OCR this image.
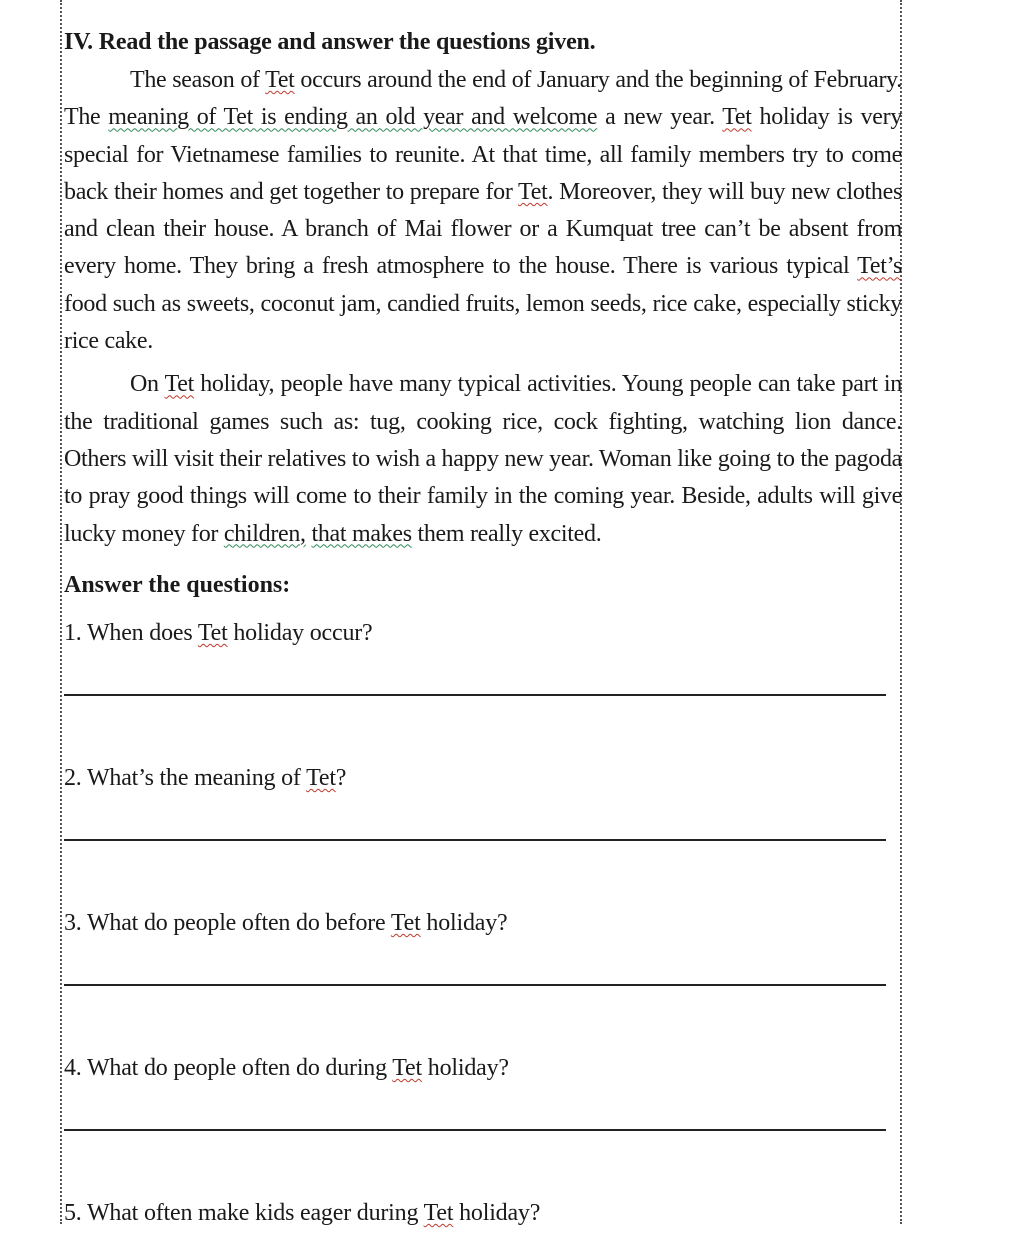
IV. Read the passage and answer the questions given.

The season of Tet occurs around the end of January and the beginning of February. The meaning of Tet is ending an old year and welcome a new year. Tet holiday is very special for Vietnamese families to reunite. At that time, all family members try to come back their homes and get together to prepare for Tet. Moreover, they will buy new clothes and clean their house. A branch of Mai flower or a Kumquat tree can’t be absent from every home. They bring a fresh atmosphere to the house. There is various typical Tet’s food such as sweets, coconut jam, candied fruits, lemon seeds, rice cake, especially sticky rice cake.

On Tet holiday, people have many typical activities. Young people can take part in the traditional games such as: tug, cooking rice, cock fighting, watching lion dance. Others will visit their relatives to wish a happy new year. Woman like going to the pagoda to pray good things will come to their family in the coming year. Beside, adults will give lucky money for children, that makes them really excited.

Answer the questions:

1. When does Tet holiday occur?

2. What’s the meaning of Tet?

3. What do people often do before Tet holiday?

4. What do people often do during Tet holiday?

5. What often make kids eager during Tet holiday?
